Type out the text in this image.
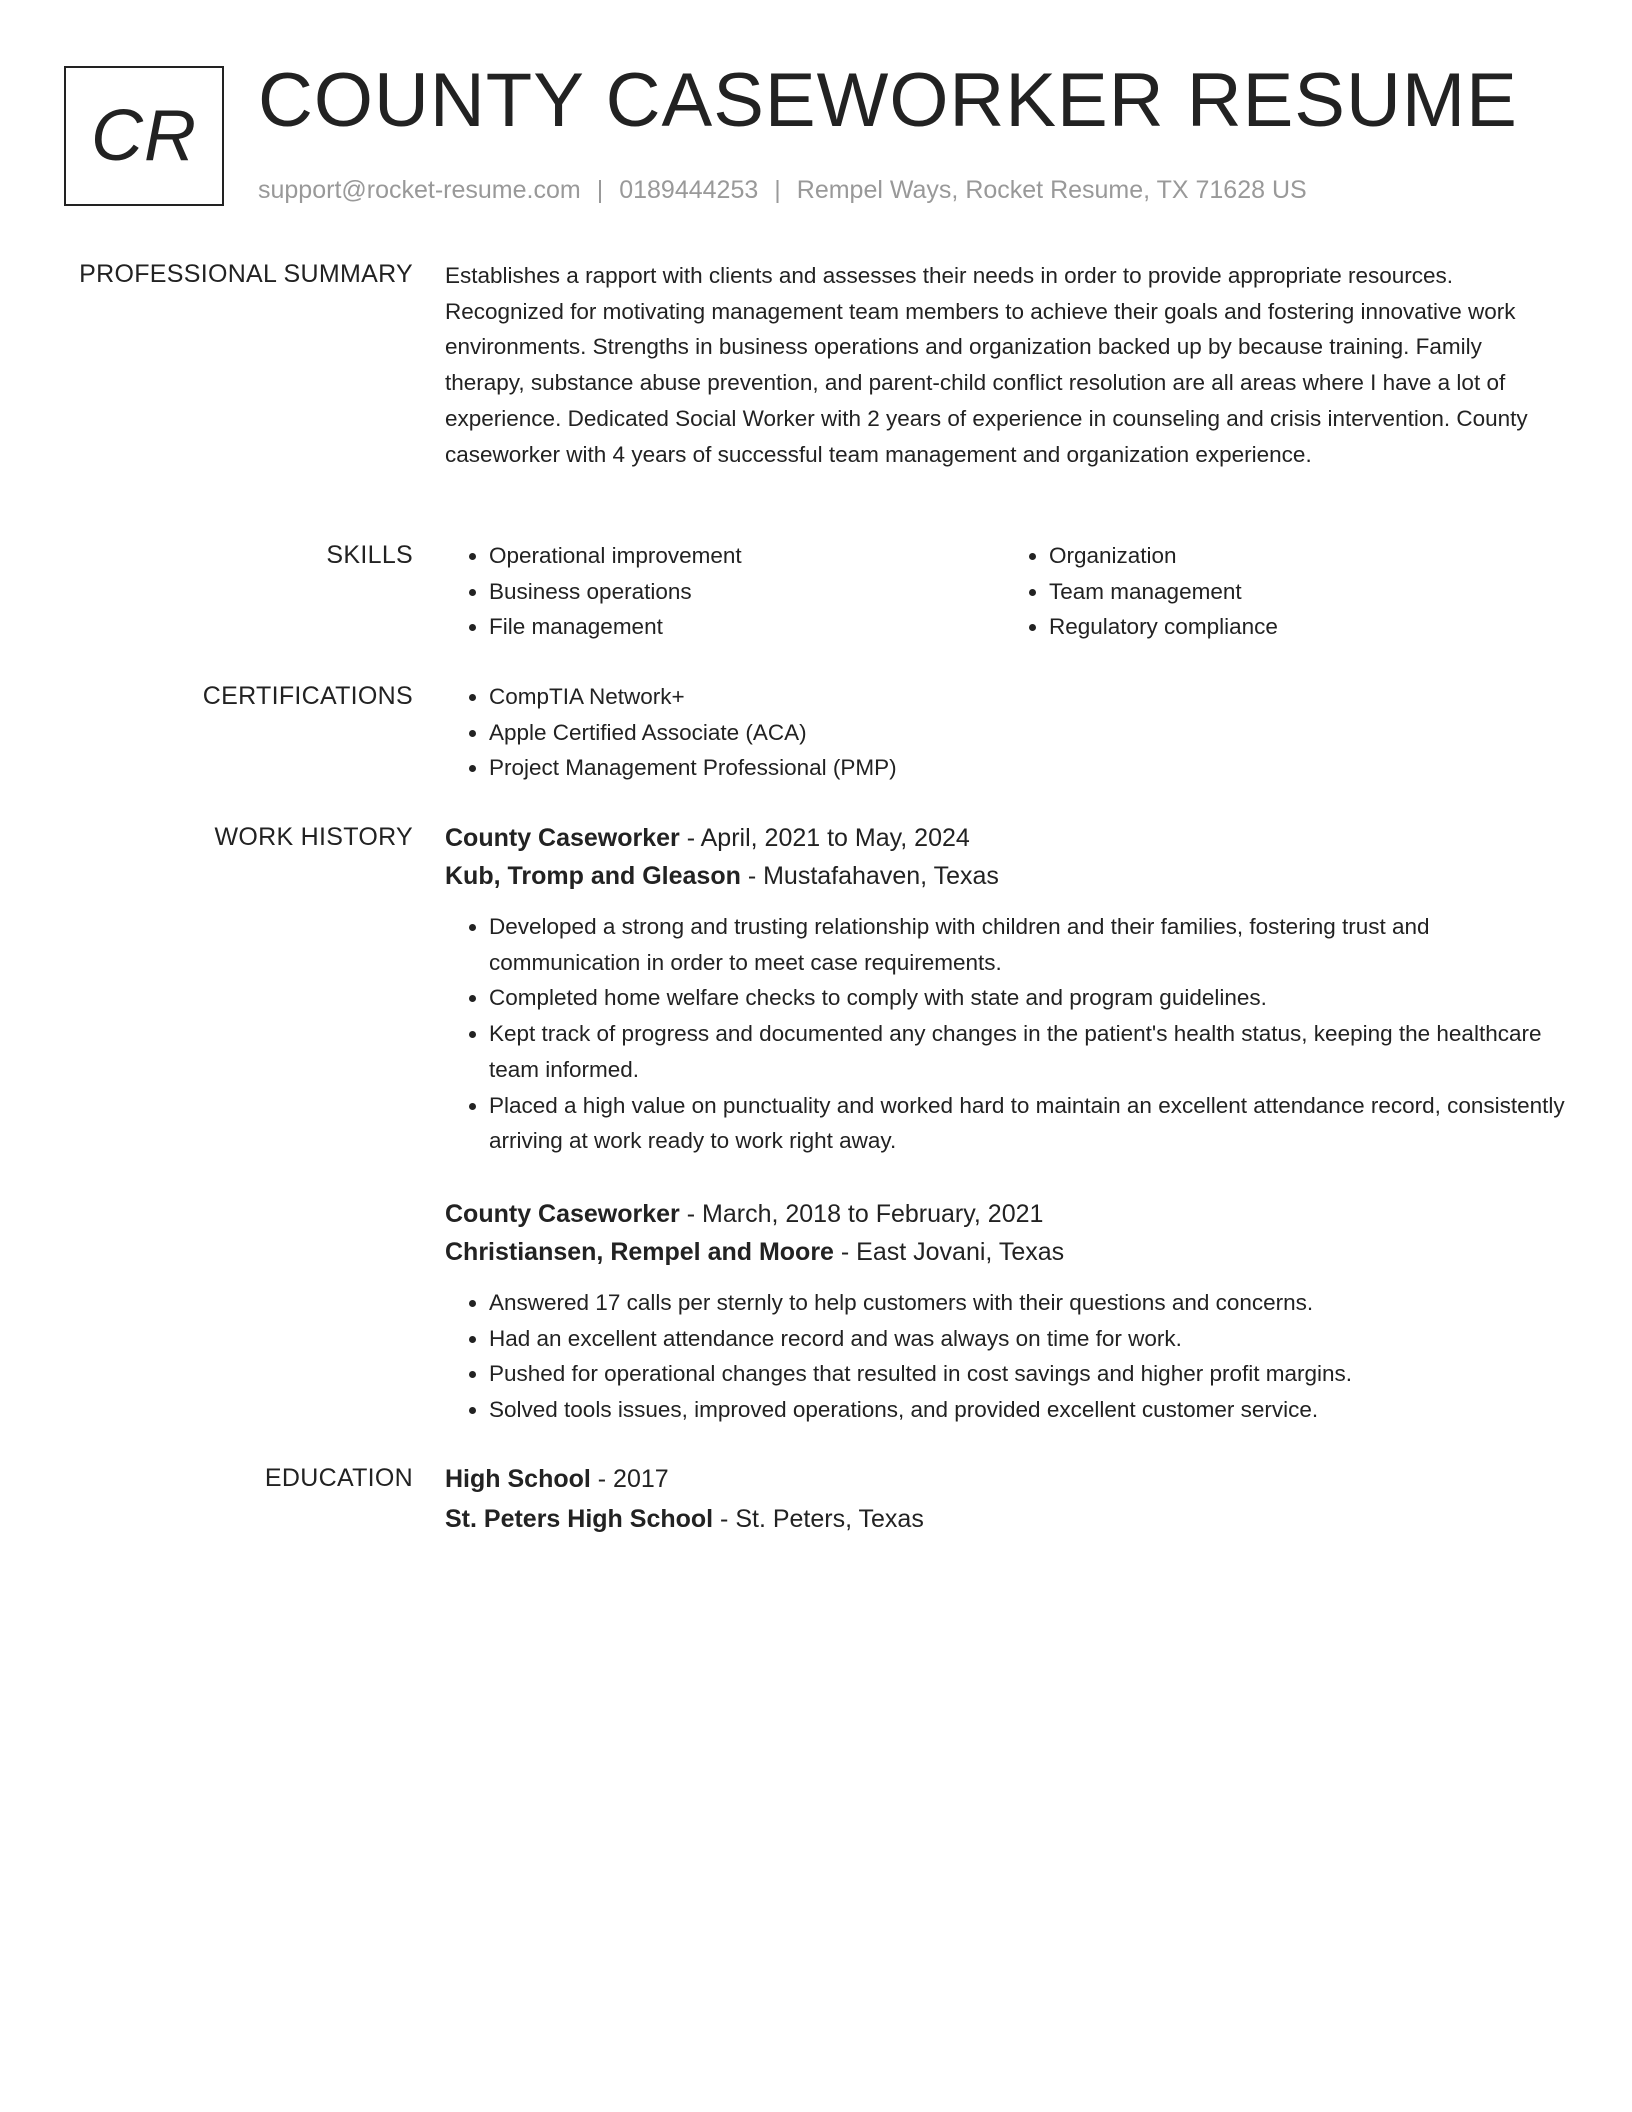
CR COUNTY CASEWORKER RESUME
support@rocket-resume.com | 0189444253 | Rempel Ways, Rocket Resume, TX 71628 US
PROFESSIONAL SUMMARY Establishes a rapport with clients and assesses their needs in order to provide appropriate resources. Recognized for motivating management team members to achieve their goals and fostering innovative work environments. Strengths in business operations and organization backed up by because training. Family therapy, substance abuse prevention, and parent-child conflict resolution are all areas where I have a lot of experience. Dedicated Social Worker with 2 years of experience in counseling and crisis intervention. County caseworker with 4 years of successful team management and organization experience.

SKILLS	• Operational improvement
• Business operations
• File management
• Organization
• Team management
• Regulatory compliance
CERTIFICATIONS	• CompTIA Network+
• Apple Certified Associate (ACA)
• Project Management Professional (PMP)
WORK HISTORY County Caseworker - April, 2021 to May, 2024
Kub, Tromp and Gleason - Mustafahaven, Texas
• Developed a strong and trusting relationship with children and their families, fostering trust and communication in order to meet case requirements.
• Completed home welfare checks to comply with state and program guidelines.
• Kept track of progress and documented any changes in the patient's health status, keeping the healthcare team informed.
• Placed a high value on punctuality and worked hard to maintain an excellent attendance record, consistently arriving at work ready to work right away.
County Caseworker - March, 2018 to February, 2021
Christiansen, Rempel and Moore - East Jovani, Texas
• Answered 17 calls per sternly to help customers with their questions and concerns.
• Had an excellent attendance record and was always on time for work.
• Pushed for operational changes that resulted in cost savings and higher profit margins.
• Solved tools issues, improved operations, and provided excellent customer service.
EDUCATION High School - 2017
St. Peters High School - St. Peters, Texas
